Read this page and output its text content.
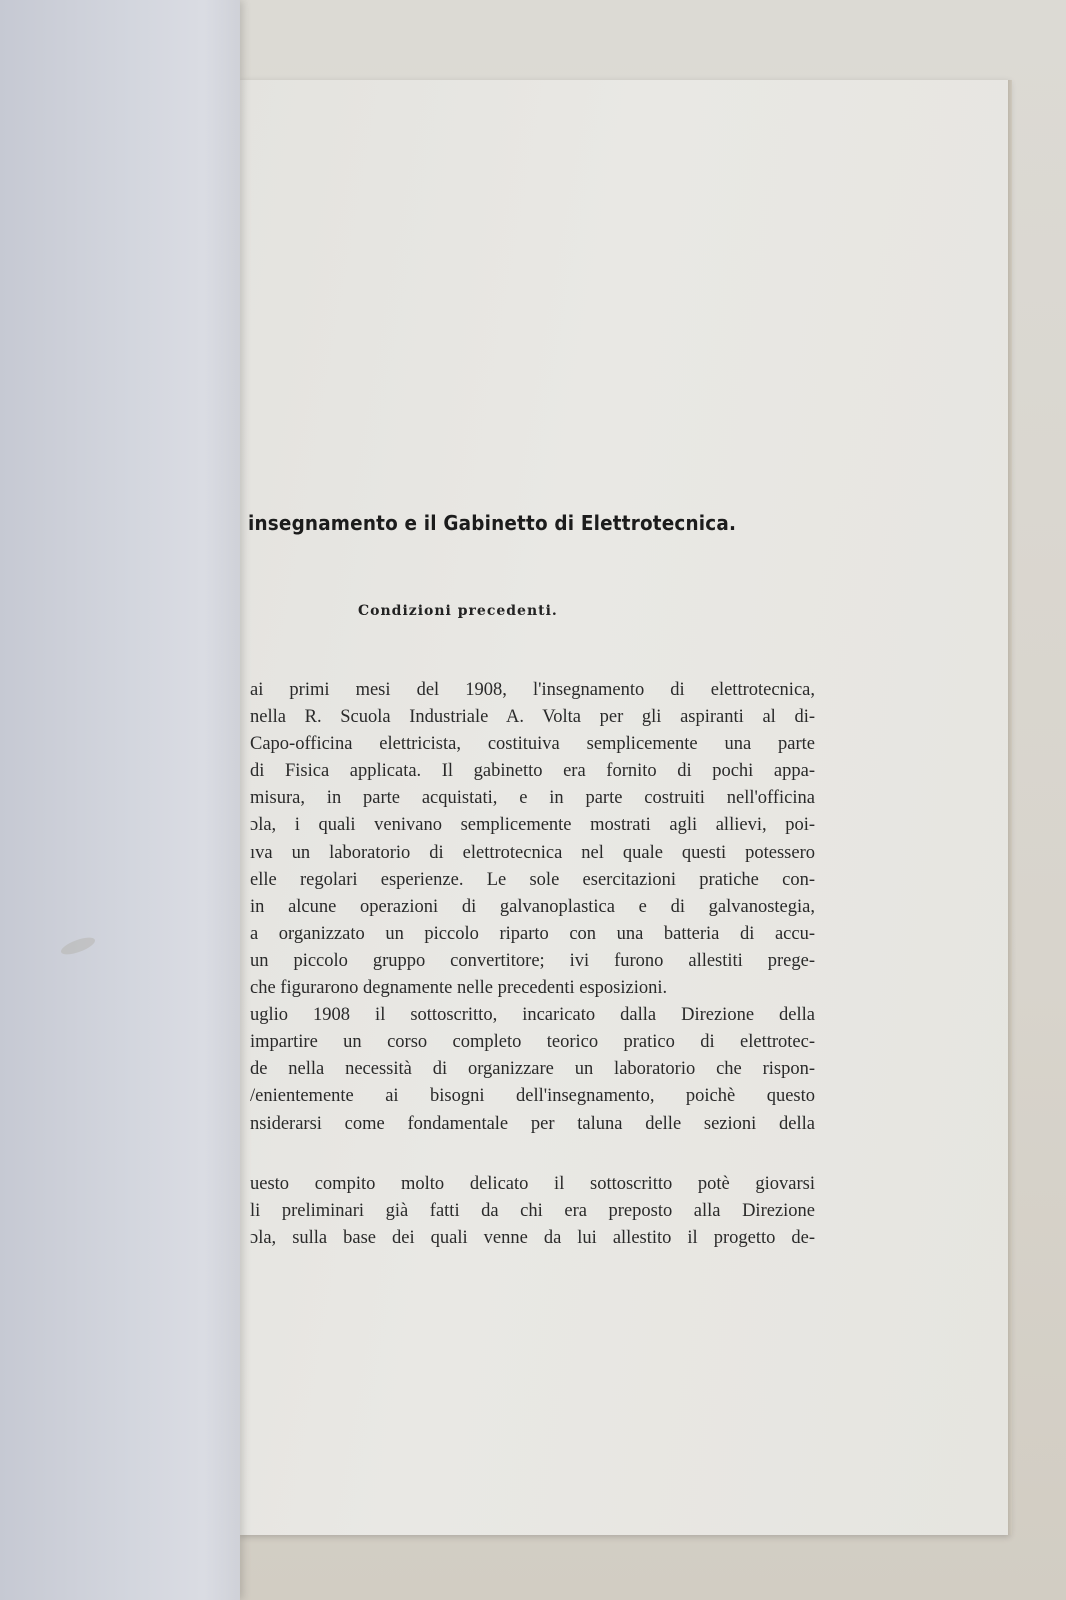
insegnamento e il Gabinetto di Elettrotecnica.
Condizioni precedenti.
ai primi mesi del 1908, l'insegnamento di elettrotecnica,
nella R. Scuola Industriale A. Volta per gli aspiranti al di-
Capo-officina elettricista, costituiva semplicemente una parte
di Fisica applicata. Il gabinetto era fornito di pochi appa-
misura, in parte acquistati, e in parte costruiti nell'officina
ɔla, i quali venivano semplicemente mostrati agli allievi, poi-
ıva un laboratorio di elettrotecnica nel quale questi potessero
elle regolari esperienze. Le sole esercitazioni pratiche con-
in alcune operazioni di galvanoplastica e di galvanostegia,
a organizzato un piccolo riparto con una batteria di accu-
un piccolo gruppo convertitore; ivi furono allestiti prege-
che figurarono degnamente nelle precedenti esposizioni.
uglio 1908 il sottoscritto, incaricato dalla Direzione della
impartire un corso completo teorico pratico di elettrotec-
de nella necessità di organizzare un laboratorio che rispon-
/enientemente ai bisogni dell'insegnamento, poichè questo
nsiderarsi come fondamentale per taluna delle sezioni della
uesto compito molto delicato il sottoscritto potè giovarsi
li preliminari già fatti da chi era preposto alla Direzione
ɔla, sulla base dei quali venne da lui allestito il progetto de-
